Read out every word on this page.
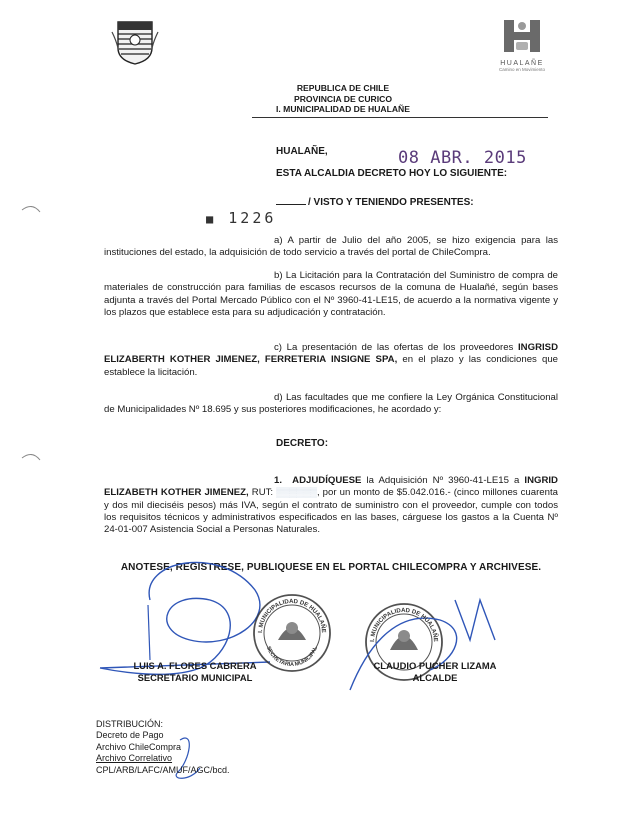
HUALAÑE
Camino en Movimiento
REPUBLICA DE CHILE
PROVINCIA DE CURICO
I. MUNICIPALIDAD DE HUALAÑE
HUALAÑE,	08 ABR. 2015
ESTA ALCALDIA DECRETO HOY LO SIGUIENTE:
/ VISTO Y TENIENDO PRESENTES:
■ 1226

a) A partir de Julio del año 2005, se hizo exigencia para las instituciones del estado, la adquisición de todo servicio a través del portal de ChileCompra.

b) La Licitación para la Contratación del Suministro de compra de materiales de construcción para familias de escasos recursos de la comuna de Hualañé, según bases adjunta a través del Portal Mercado Público con el Nº 3960-41-LE15, de acuerdo a la normativa vigente y los plazos que establece esta para su adjudicación y contratación.

c) La presentación de las ofertas de los proveedores INGRISD ELIZABERTH KOTHER JIMENEZ, FERRETERIA INSIGNE SPA, en el plazo y las condiciones que establece la licitación.

d) Las facultades que me confiere la Ley Orgánica Constitucional de Municipalidades Nº 18.695 y sus posteriores modificaciones, he acordado y:

DECRETO:

1. ADJUDÍQUESE la Adquisición Nº 3960-41-LE15 a INGRID ELIZABETH KOTHER JIMENEZ, RUT: ▒▒▒▒▒▒, por un monto de $5.042.016.- (cinco millones cuarenta y dos mil dieciséis pesos) más IVA, según el contrato de suministro con el proveedor, cumple con todos los requisitos técnicos y administrativos especificados en las bases, cárguese los gastos a la Cuenta Nº 24-01-007 Asistencia Social a Personas Naturales.

ANOTESE, REGISTRESE, PUBLIQUESE EN EL PORTAL CHILECOMPRA Y ARCHIVESE.
I. MUNICIPALIDAD DE HUALAÑE
SECRETARIA MUNICIPAL
I. MUNICIPALIDAD DE HUALAÑE
LUIS A. FLORES CABRERA
SECRETARIO MUNICIPAL
CLAUDIO PUCHER LIZAMA
ALCALDE
DISTRIBUCIÓN:
Decreto de Pago
Archivo ChileCompra
Archivo Correlativo
CPL/ARB/LAFC/AMUF/AGC/bcd.
